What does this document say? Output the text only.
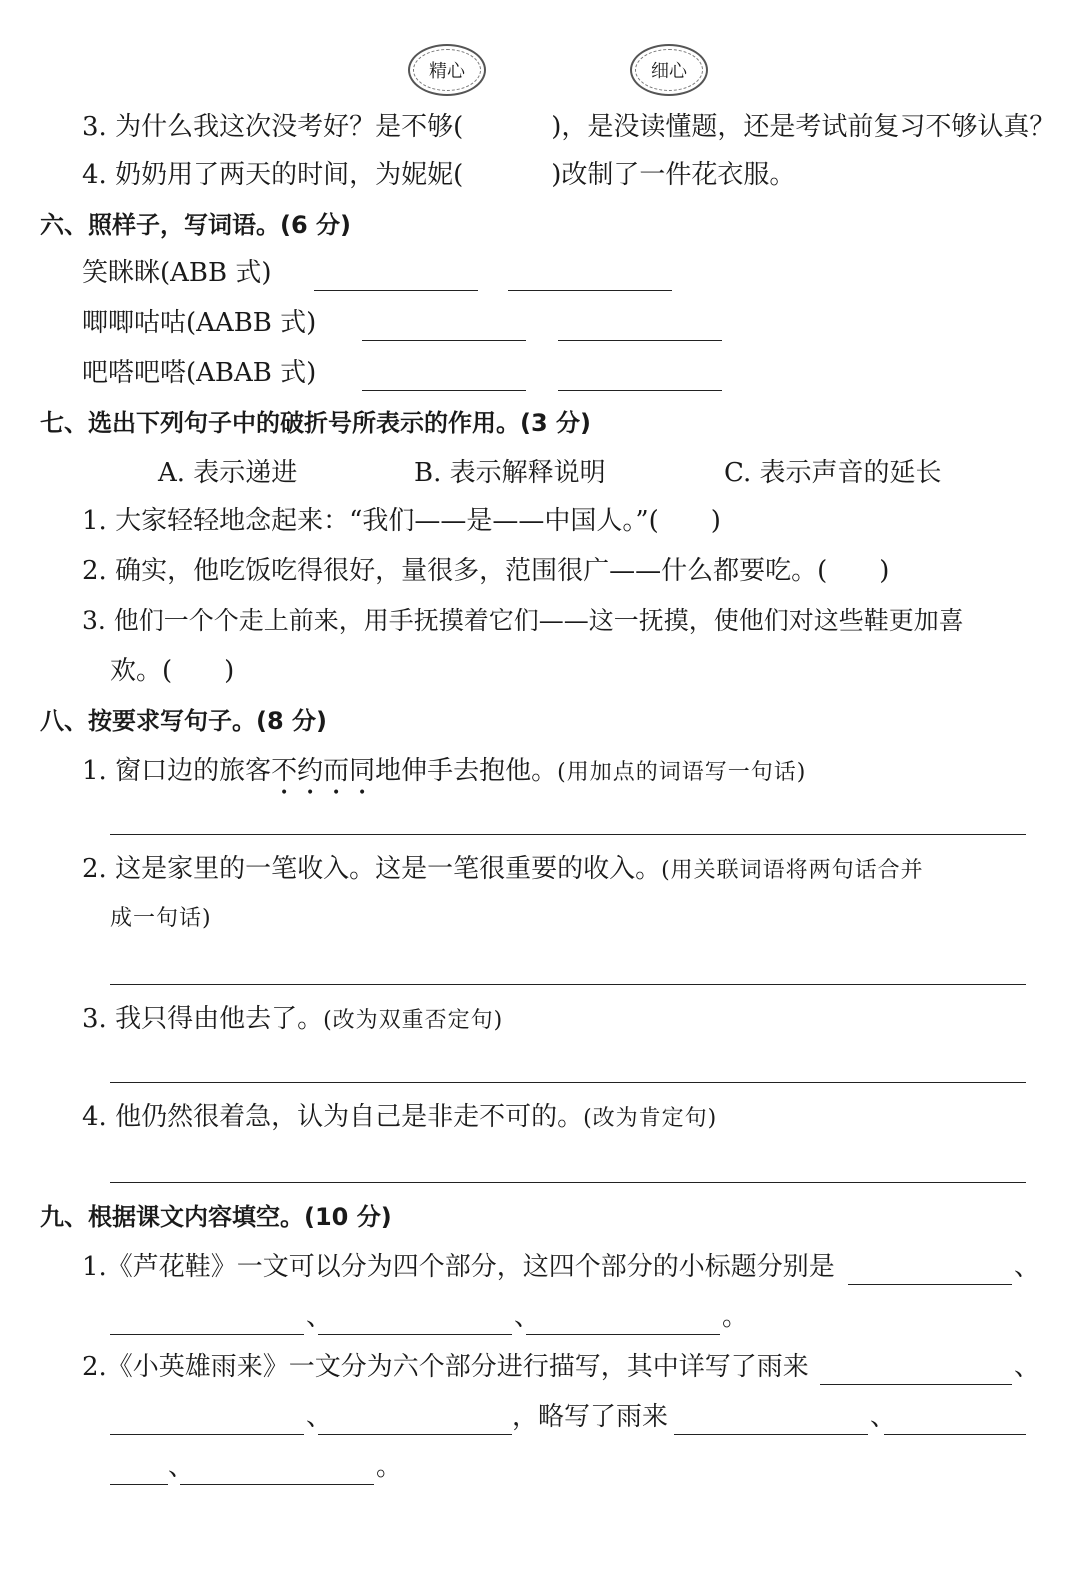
精心	细心
3. 为什么我这次没考好？是不够(	)，是没读懂题，还是考试前复习不够认真？
4. 奶奶用了两天的时间，为妮妮(	)改制了一件花衣服。
六、照样子，写词语。(6 分)
笑眯眯(ABB 式)
唧唧咕咕(AABB 式)
吧嗒吧嗒(ABAB 式)
七、选出下列句子中的破折号所表示的作用。(3 分)
A. 表示递进	B. 表示解释说明	C. 表示声音的延长
1. 大家轻轻地念起来：“我们——是——中国人。”(　　)
2. 确实，他吃饭吃得很好，量很多，范围很广——什么都要吃。(　　)
3. 他们一个个走上前来，用手抚摸着它们——这一抚摸，使他们对这些鞋更加喜
欢。(　　)
八、按要求写句子。(8 分)
1. 窗口边的旅客不约而同地伸手去抱他。(用加点的词语写一句话)
2. 这是家里的一笔收入。这是一笔很重要的收入。(用关联词语将两句话合并
成一句话)
3. 我只得由他去了。(改为双重否定句)
4. 他仍然很着急，认为自己是非走不可的。(改为肯定句)
九、根据课文内容填空。(10 分)
1.《芦花鞋》一文可以分为四个部分，这四个部分的小标题分别是	、
、	、	。
2.《小英雄雨来》一文分为六个部分进行描写，其中详写了雨来	、
、	，略写了雨来	、
、	。
